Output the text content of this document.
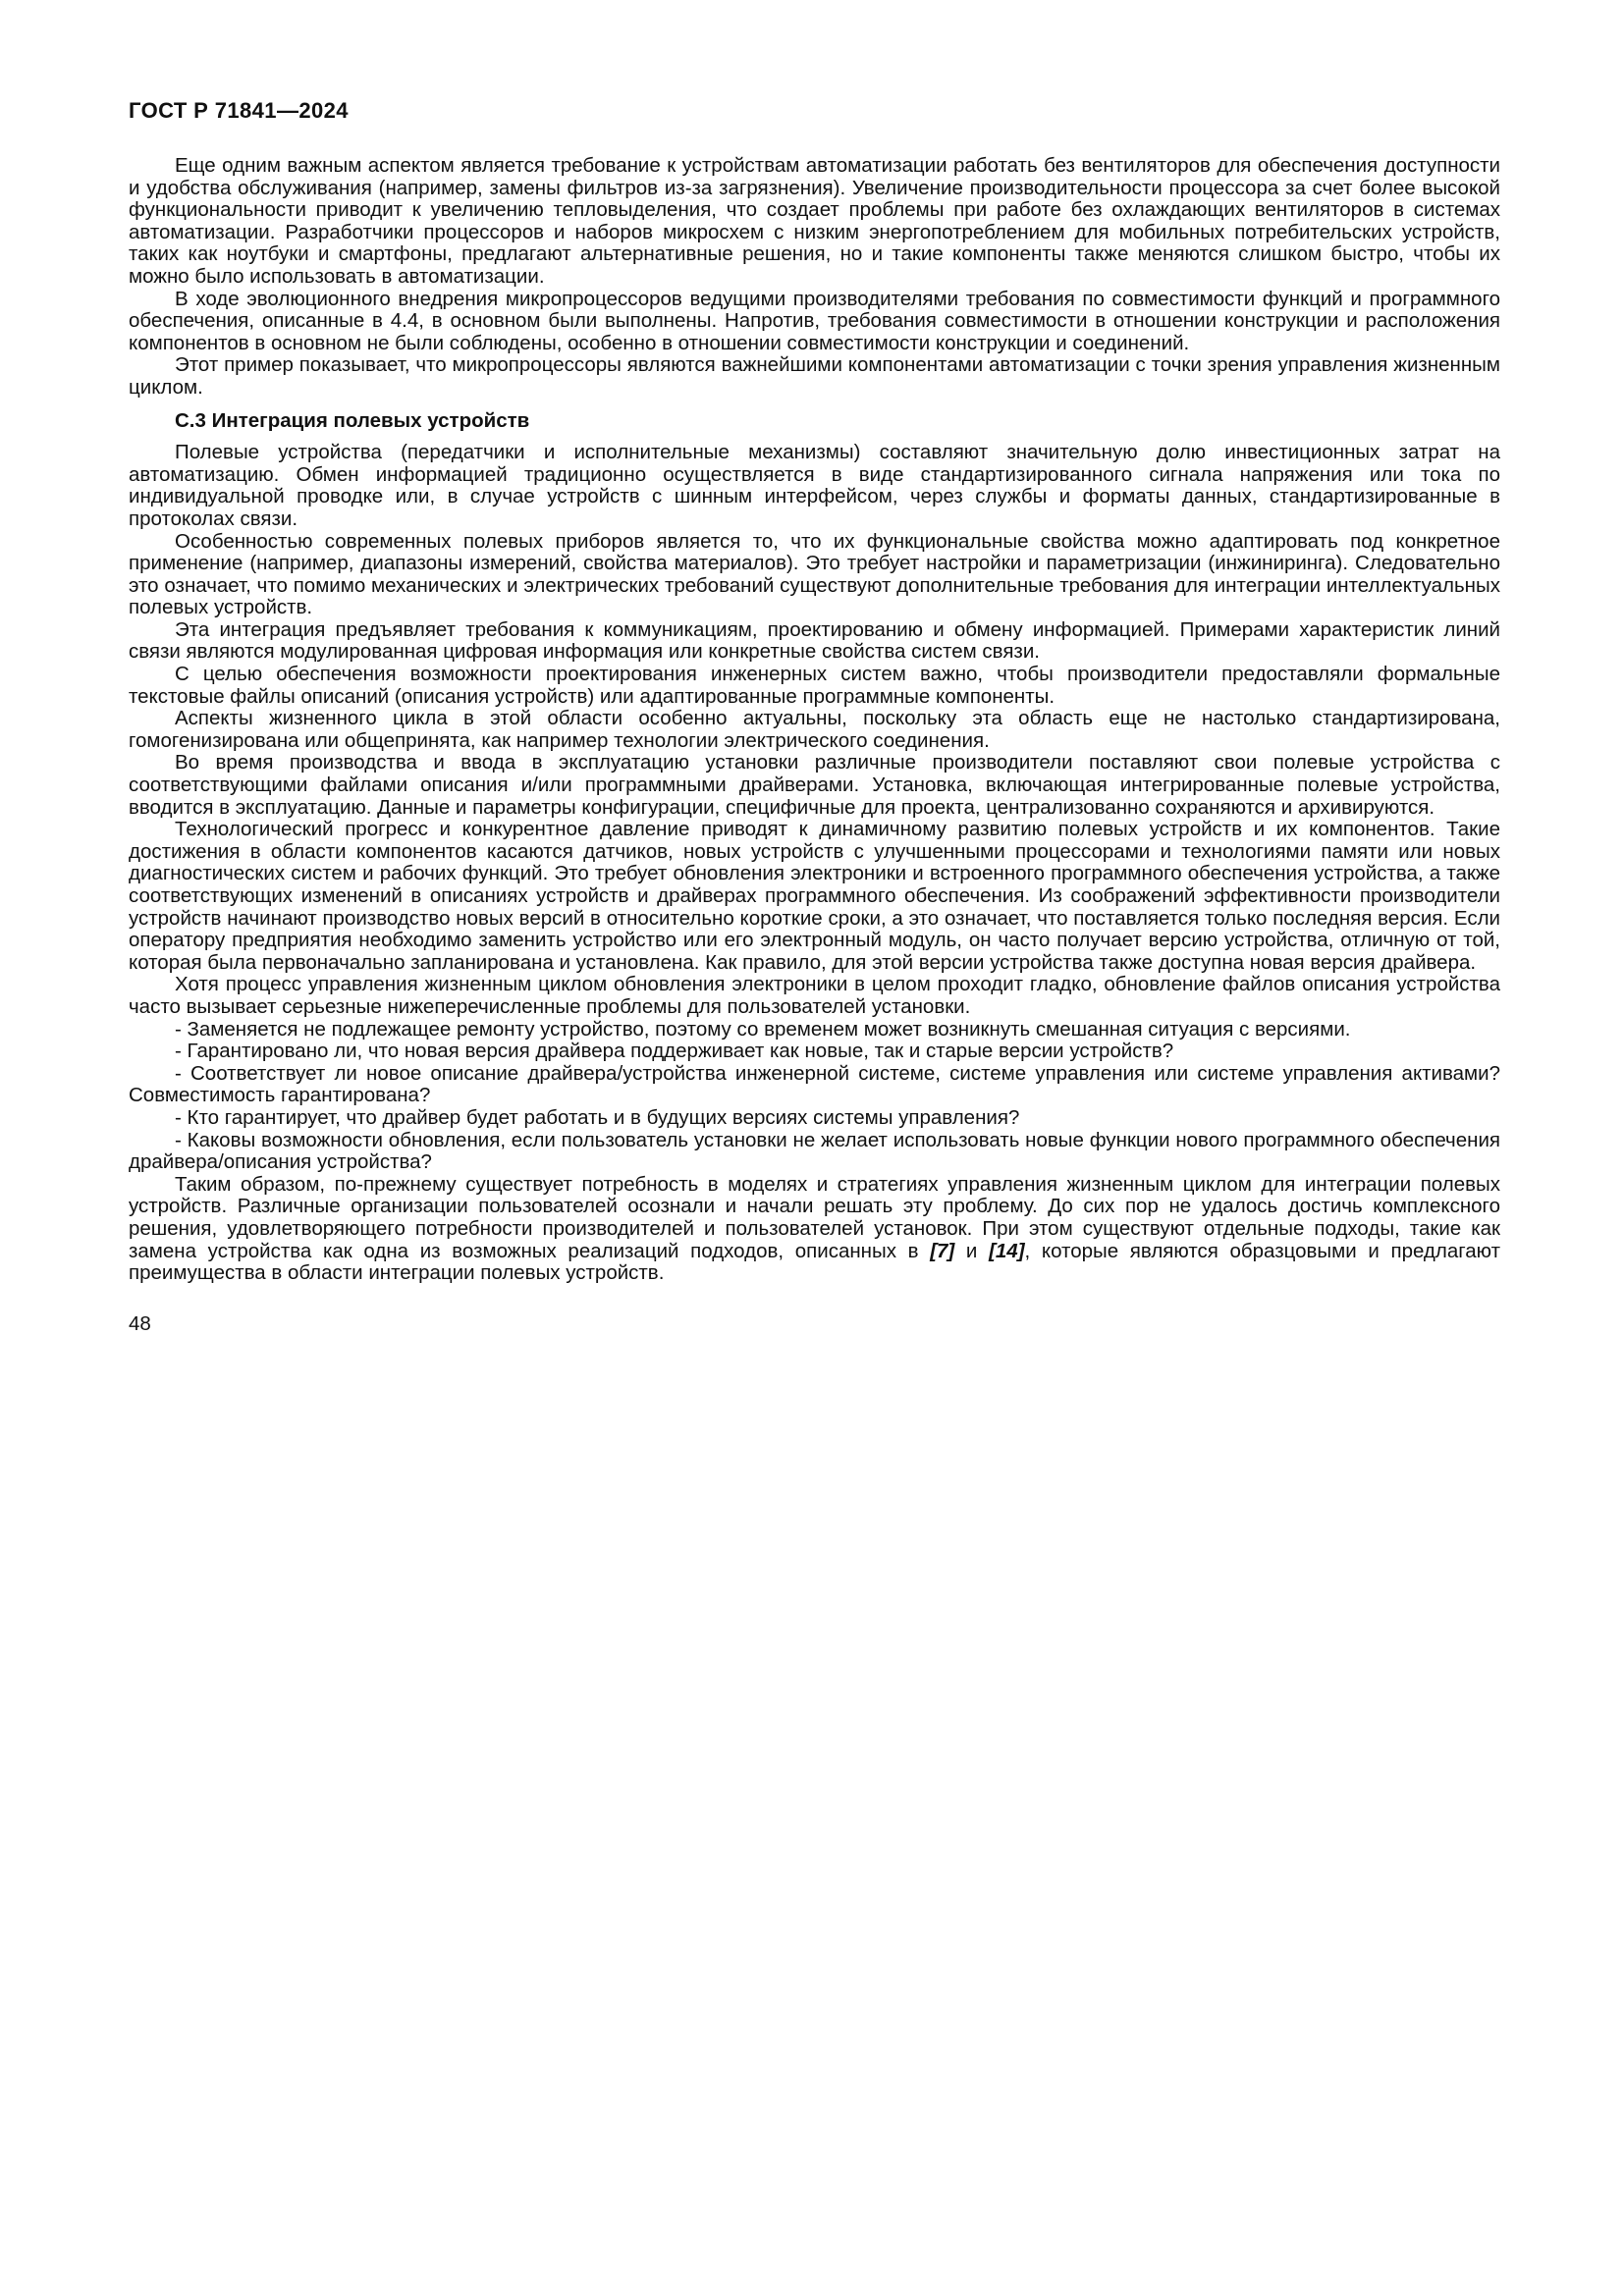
ГОСТ Р 71841—2024

Еще одним важным аспектом является требование к устройствам автоматизации работать без вентиляторов для обеспечения доступности и удобства обслуживания (например, замены фильтров из-за загрязнения). Увеличение производительности процессора за счет более высокой функциональности приводит к увеличению тепловыделения, что создает проблемы при работе без охлаждающих вентиляторов в системах автоматизации. Разработчики процессоров и наборов микросхем с низким энергопотреблением для мобильных потребительских устройств, таких как ноутбуки и смартфоны, предлагают альтернативные решения, но и такие компоненты также меняются слишком быстро, чтобы их можно было использовать в автоматизации.

В ходе эволюционного внедрения микропроцессоров ведущими производителями требования по совместимости функций и программного обеспечения, описанные в 4.4, в основном были выполнены. Напротив, требования совместимости в отношении конструкции и расположения компонентов в основном не были соблюдены, особенно в отношении совместимости конструкции и соединений.

Этот пример показывает, что микропроцессоры являются важнейшими компонентами автоматизации с точки зрения управления жизненным циклом.

С.3 Интеграция полевых устройств

Полевые устройства (передатчики и исполнительные механизмы) составляют значительную долю инвестиционных затрат на автоматизацию. Обмен информацией традиционно осуществляется в виде стандартизированного сигнала напряжения или тока по индивидуальной проводке или, в случае устройств с шинным интерфейсом, через службы и форматы данных, стандартизированные в протоколах связи.

Особенностью современных полевых приборов является то, что их функциональные свойства можно адаптировать под конкретное применение (например, диапазоны измерений, свойства материалов). Это требует настройки и параметризации (инжиниринга). Следовательно это означает, что помимо механических и электрических требований существуют дополнительные требования для интеграции интеллектуальных полевых устройств.

Эта интеграция предъявляет требования к коммуникациям, проектированию и обмену информацией. Примерами характеристик линий связи являются модулированная цифровая информация или конкретные свойства систем связи.

С целью обеспечения возможности проектирования инженерных систем важно, чтобы производители предоставляли формальные текстовые файлы описаний (описания устройств) или адаптированные программные компоненты.

Аспекты жизненного цикла в этой области особенно актуальны, поскольку эта область еще не настолько стандартизирована, гомогенизирована или общепринята, как например технологии электрического соединения.

Во время производства и ввода в эксплуатацию установки различные производители поставляют свои полевые устройства с соответствующими файлами описания и/или программными драйверами. Установка, включающая интегрированные полевые устройства, вводится в эксплуатацию. Данные и параметры конфигурации, специфичные для проекта, централизованно сохраняются и архивируются.

Технологический прогресс и конкурентное давление приводят к динамичному развитию полевых устройств и их компонентов. Такие достижения в области компонентов касаются датчиков, новых устройств с улучшенными процессорами и технологиями памяти или новых диагностических систем и рабочих функций. Это требует обновления электроники и встроенного программного обеспечения устройства, а также соответствующих изменений в описаниях устройств и драйверах программного обеспечения. Из соображений эффективности производители устройств начинают производство новых версий в относительно короткие сроки, а это означает, что поставляется только последняя версия. Если оператору предприятия необходимо заменить устройство или его электронный модуль, он часто получает версию устройства, отличную от той, которая была первоначально запланирована и установлена. Как правило, для этой версии устройства также доступна новая версия драйвера.

Хотя процесс управления жизненным циклом обновления электроники в целом проходит гладко, обновление файлов описания устройства часто вызывает серьезные нижеперечисленные проблемы для пользователей установки.

- Заменяется не подлежащее ремонту устройство, поэтому со временем может возникнуть смешанная ситуация с версиями.

- Гарантировано ли, что новая версия драйвера поддерживает как новые, так и старые версии устройств?

- Соответствует ли новое описание драйвера/устройства инженерной системе, системе управления или системе управления активами? Совместимость гарантирована?

- Кто гарантирует, что драйвер будет работать и в будущих версиях системы управления?

- Каковы возможности обновления, если пользователь установки не желает использовать новые функции нового программного обеспечения драйвера/описания устройства?

Таким образом, по-прежнему существует потребность в моделях и стратегиях управления жизненным циклом для интеграции полевых устройств. Различные организации пользователей осознали и начали решать эту проблему. До сих пор не удалось достичь комплексного решения, удовлетворяющего потребности производителей и пользователей установок. При этом существуют отдельные подходы, такие как замена устройства как одна из возможных реализаций подходов, описанных в [7] и [14], которые являются образцовыми и предлагают преимущества в области интеграции полевых устройств.

48
